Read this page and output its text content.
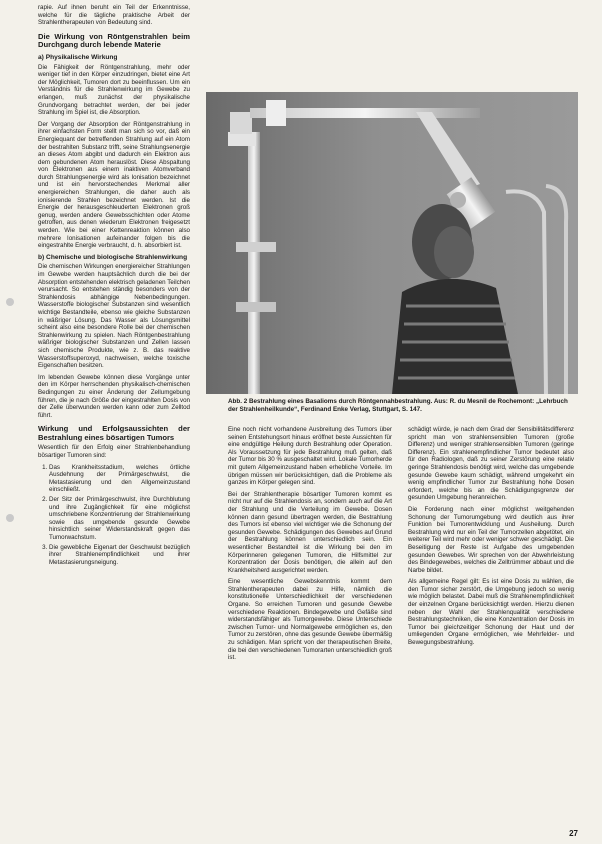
rapie. Auf ihnen beruht ein Teil der Erkenntnisse, welche für die tägliche praktische Arbeit der Strahlentherapeuten von Bedeutung sind.

Die Wirkung von Röntgenstrahlen beim Durchgang durch lebende Materie
a) Physikalische Wirkung

Die Fähigkeit der Röntgenstrahlung, mehr oder weniger tief in den Körper einzudringen, bietet eine Art der Möglichkeit, Tumoren dort zu beeinflussen. Um ein Verständnis für die Strahlenwirkung im Gewebe zu erlangen, muß zunächst der physikalische Grundvorgang betrachtet werden, der bei jeder Strahlung im Spiel ist, die Absorption.

Der Vorgang der Absorption der Röntgenstrahlung in ihrer einfachsten Form stellt man sich so vor, daß ein Energiequant der betreffenden Strahlung auf ein Atom der bestrahlten Substanz trifft, seine Strahlungsenergie an dieses Atom abgibt und dadurch ein Elektron aus dem gebundenen Atom herauslöst. Diese Abspaltung von Elektronen aus einem inaktiven Atomverband durch Strahlungsenergie wird als Ionisation bezeichnet und ist ein hervorstechendes Merkmal aller energiereichen Strahlungen, die daher auch als ionisierende Strahlen bezeichnet werden. Ist die Energie der herausgeschleuderten Elektronen groß genug, werden andere Gewebsschichten oder Atome getroffen, aus denen wiederum Elektronen freigesetzt werden. Wie bei einer Kettenreaktion können also mehrere Ionisationen aufeinander folgen bis die eingestrahlte Energie verbraucht, d. h. absorbiert ist.

b) Chemische und biologische Strahlenwirkung

Die chemischen Wirkungen energiereicher Strahlungen im Gewebe werden hauptsächlich durch die bei der Absorption entstehenden elektrisch geladenen Teilchen verursacht. So entstehen ständig besonders von der Strahlendosis abhängige Nebenbedingungen. Wasserstoffe biologischer Substanzen sind wesentlich wichtige Bestandteile, ebenso wie gleiche Substanzen in wäßriger Lösung. Das Wasser als Lösungsmittel scheint also eine besondere Rolle bei der chemischen Strahlenwirkung zu spielen. Nach Röntgenbestrahlung wäßriger biologischer Substanzen und Zellen lassen sich chemische Produkte, wie z. B. das reaktive Wasserstoffsuperoxyd, nachweisen, welche toxische Eigenschaften besitzen.

Im lebenden Gewebe können diese Vorgänge unter den im Körper herrschenden physikalisch-chemischen Bedingungen zu einer Änderung der Zellumgebung führen, die je nach Größe der eingestrahlten Dosis von der Zelle überwunden werden kann oder zum Zelltod führt.

Wirkung und Erfolgsaussichten der Bestrahlung eines bösartigen Tumors

Wesentlich für den Erfolg einer Strahlenbehandlung bösartiger Tumoren sind:

1. Das Krankheitsstadium, welches örtliche Ausdehnung der Primärgeschwulst, die Metastasierung und den Allgemeinzustand einschließt.
2. Der Sitz der Primärgeschwulst, ihre Durchblutung und ihre Zugänglichkeit für eine möglichst umschriebene Konzentrierung der Strahlenwirkung sowie das umgebende gesunde Gewebe hinsichtlich seiner Widerstandskraft gegen das Tumorwachstum.
3. Die gewebliche Eigenart der Geschwulst bezüglich ihrer Strahlenempfindlichkeit und ihrer Metastasierungsneigung.
Abb. 2 Bestrahlung eines Basalioms durch Röntgennahbestrahlung. Aus: R. du Mesnil de Rochemont: „Lehrbuch der Strahlenheilkunde“, Ferdinand Enke Verlag, Stuttgart, S. 147.

Eine noch nicht vorhandene Ausbreitung des Tumors über seinen Entstehungsort hinaus eröffnet beste Aussichten für eine endgültige Heilung durch Bestrahlung oder Operation. Als Voraussetzung für jede Bestrahlung muß gelten, daß der Tumor bis 30 % ausgeschaltet wird. Lokale Tumorherde mit gutem Allgemeinzustand haben erhebliche Vorteile. Im übrigen müssen wir berücksichtigen, daß die Probleme als ganzes im Körper gelegen sind.

Bei der Strahlentherapie bösartiger Tumoren kommt es nicht nur auf die Strahlendosis an, sondern auch auf die Art der Strahlung und die Verteilung im Gewebe. Dosen können dann gesund übertragen werden, die Bestrahlung des Tumors ist ebenso viel wichtiger wie die Schonung der gesunden Gewebe. Schädigungen des Gewebes auf Grund der Bestrahlung können unterschiedlich sein. Ein wesentlicher Bestandteil ist die Wirkung bei den im Körperinneren gelegenen Tumoren, die Hilfsmittel zur Konzentration der Dosis benötigen, die allein auf den Krankheitsherd ausgerichtet werden.

Eine wesentliche Gewebskenntnis kommt dem Strahlentherapeuten dabei zu Hilfe, nämlich die konstitutionelle Unterschiedlichkeit der verschiedenen Organe. So erreichen Tumoren und gesunde Gewebe verschiedene Reaktionen. Bindegewebe und Gefäße sind widerstandsfähiger als Tumorgewebe. Diese Unterschiede zwischen Tumor- und Normalgewebe ermöglichen es, den Tumor zu zerstören, ohne das gesunde Gewebe übermäßig zu schädigen. Man spricht von der therapeutischen Breite, die bei den verschiedenen Tumorarten unterschiedlich groß ist.

schädigt würde, je nach dem Grad der Sensibilitätsdifferenz spricht man von strahlensensiblen Tumoren (große Differenz) und weniger strahlensensiblen Tumoren (geringe Differenz). Ein strahlenempfindlicher Tumor bedeutet also für den Radiologen, daß zu seiner Zerstörung eine relativ geringe Strahlendosis benötigt wird, welche das umgebende gesunde Gewebe kaum schädigt, während umgekehrt ein wenig empfindlicher Tumor zur Bestrahlung hohe Dosen erfordert, welche bis an die Schädigungsgrenze der gesunden Umgebung heranreichen.

Die Forderung nach einer möglichst weitgehenden Schonung der Tumorumgebung wird deutlich aus ihrer Funktion bei Tumorentwicklung und Ausheilung. Durch Bestrahlung wird nur ein Teil der Tumorzellen abgetötet, ein weiterer Teil wird mehr oder weniger schwer geschädigt. Die Beseitigung der Reste ist Aufgabe des umgebenden gesunden Gewebes. Wir sprechen von der Abwehrleistung des Bindegewebes, welches die Zelltrümmer abbaut und die Narbe bildet.

Als allgemeine Regel gilt: Es ist eine Dosis zu wählen, die den Tumor sicher zerstört, die Umgebung jedoch so wenig wie möglich belastet. Dabei muß die Strahlenempfindlichkeit der einzelnen Organe berücksichtigt werden. Hierzu dienen neben der Wahl der Strahlenqualität verschiedene Bestrahlungstechniken, die eine Konzentration der Dosis im Tumor bei gleichzeitiger Schonung der Haut und der umliegenden Organe ermöglichen, wie Mehrfelder- und Bewegungsbestrahlung.

27
